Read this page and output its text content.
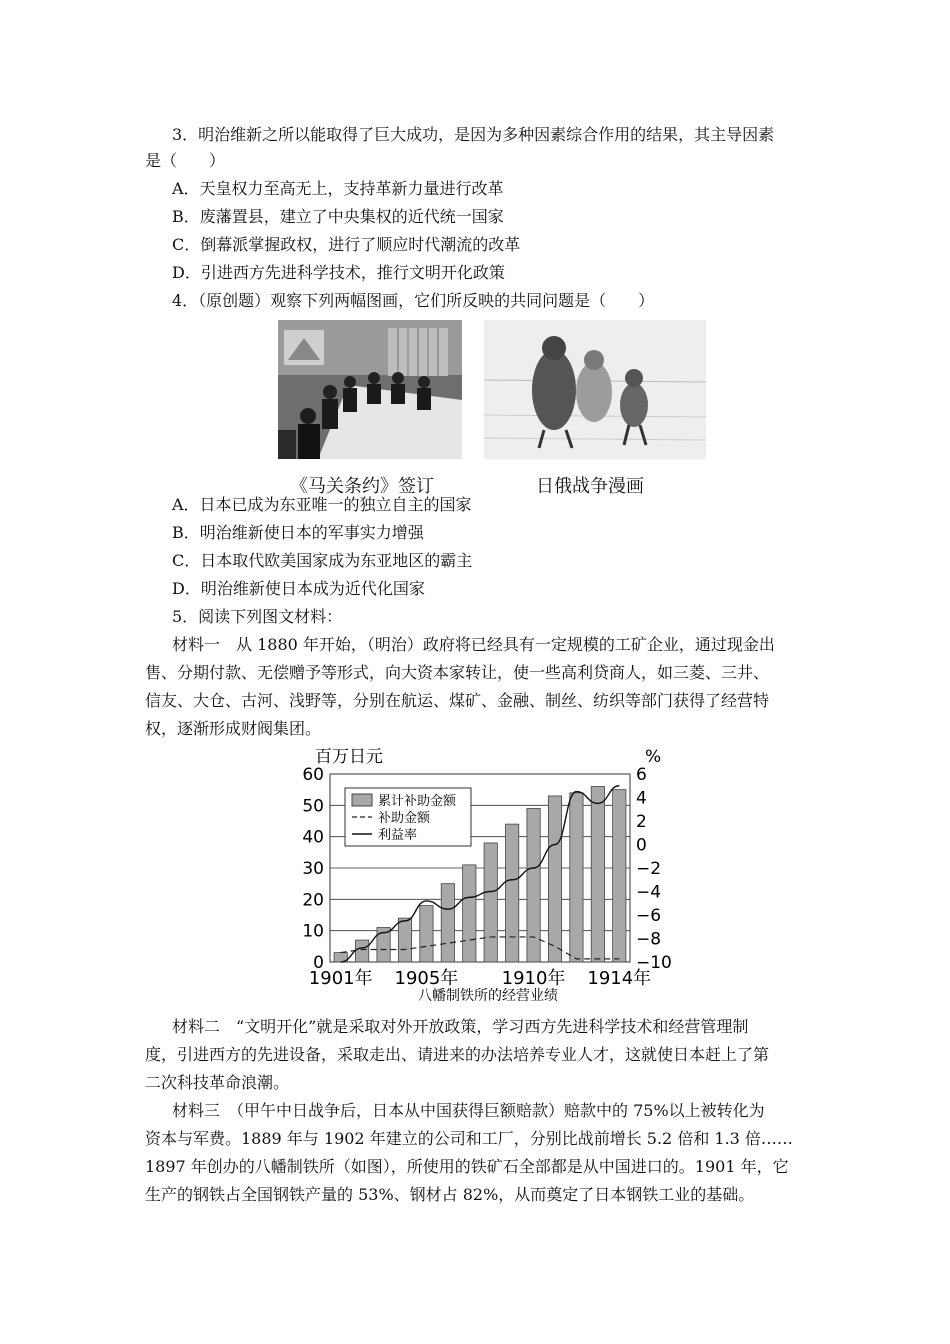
3．明治维新之所以能取得了巨大成功，是因为多种因素综合作用的结果，其主导因素
是（　　）
A．天皇权力至高无上，支持革新力量进行改革
B．废藩置县，建立了中央集权的近代统一国家
C．倒幕派掌握政权，进行了顺应时代潮流的改革
D．引进西方先进科学技术，推行文明开化政策
4．（原创题）观察下列两幅图画，它们所反映的共同问题是（　　）
《马关条约》签订	日俄战争漫画
A．日本已成为东亚唯一的独立自主的国家
B．明治维新使日本的军事实力增强
C．日本取代欧美国家成为东亚地区的霸主
D．明治维新使日本成为近代化国家
5．阅读下列图文材料：
材料一　从 1880 年开始，（明治）政府将已经具有一定规模的工矿企业，通过现金出
售、分期付款、无偿赠予等形式，向大资本家转让，使一些高利贷商人，如三菱、三井、
信友、大仓、古河、浅野等，分别在航运、煤矿、金融、制丝、纺织等部门获得了经营特
权，逐渐形成财阀集团。
百万日元	%
0
10
20
30
40
50
60	6
4
2
0
−2
−4
−6
−8
−10
1901年 1905年 1910年 1914年
累计补助金额
补助金额
利益率
八幡制铁所的经营业绩
材料二　“文明开化”就是采取对外开放政策，学习西方先进科学技术和经营管理制
度，引进西方的先进设备，采取走出、请进来的办法培养专业人才，这就使日本赶上了第
二次科技革命浪潮。
材料三　（甲午中日战争后，日本从中国获得巨额赔款）赔款中的 75%以上被转化为
资本与军费。1889 年与 1902 年建立的公司和工厂，分别比战前增长 5.2 倍和 1.3 倍……
1897 年创办的八幡制铁所（如图），所使用的铁矿石全部都是从中国进口的。1901 年，它
生产的钢铁占全国钢铁产量的 53%、钢材占 82%，从而奠定了日本钢铁工业的基础。
